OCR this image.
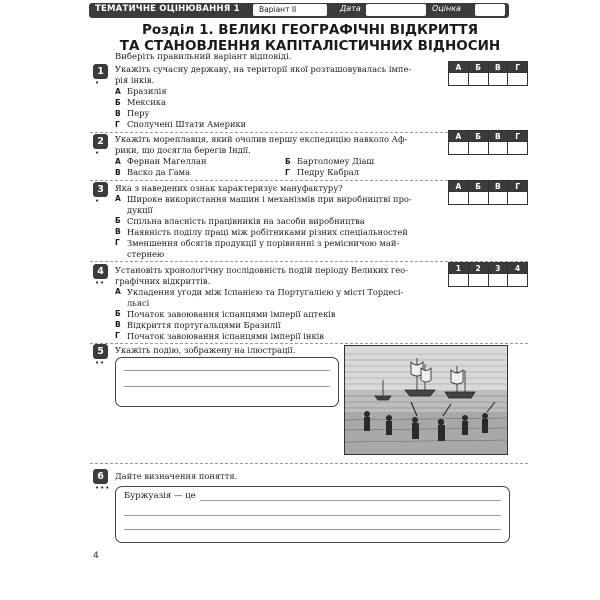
ТЕМАТИЧНЕ ОЦІНЮВАННЯ 1	Варіант II	Дата	Оцінка
Розділ 1. ВЕЛИКІ ГЕОГРАФІЧНІ ВІДКРИТТЯ
ТА СТАНОВЛЕННЯ КАПІТАЛІСТИЧНИХ ВІДНОСИН
Виберіть правильний варіант відповіді.
1
•
Укажіть сучасну державу, на території якої розташовувалась імпе-
рія інків.
А Бразилія
Б Мексика
В Перу
Г Сполучені Штати Америки
А	Б	В	Г

2
•
Укажіть мореплавця, який очолив першу експедицію навколо Аф-
рики, що досягла берегів Індії.
А Фернан Магеллан	Б Бартоломеу Діаш
В Васко да Гама	Г Педру Кабрал
А	Б	В	Г

3
•
Яка з наведених ознак характеризує мануфактуру?
А Широке використання машин і механізмів при виробництві про-
дукції
Б Спільна власність працівників на засоби виробництва
В Наявність поділу праці між робітниками різних спеціальностей
Г Зменшення обсягів продукції у порівнянні з ремісничою май-
стернею
А	Б	В	Г

4
••
Установіть хронологічну послідовність подій періоду Великих гео-
графічних відкриттів.
А Укладення угоди між Іспанією та Португалією у місті Тордесі-
льясі
Б Початок завоювання іспанцями імперії ацтеків
В Відкриття португальцями Бразилії
Г Початок завоювання іспанцями імперії інків
1	2	3	4

5
••
Укажіть подію, зображену на ілюстрації.
6
•••
Дайте визначення поняття.
Буржуазія — це
4
